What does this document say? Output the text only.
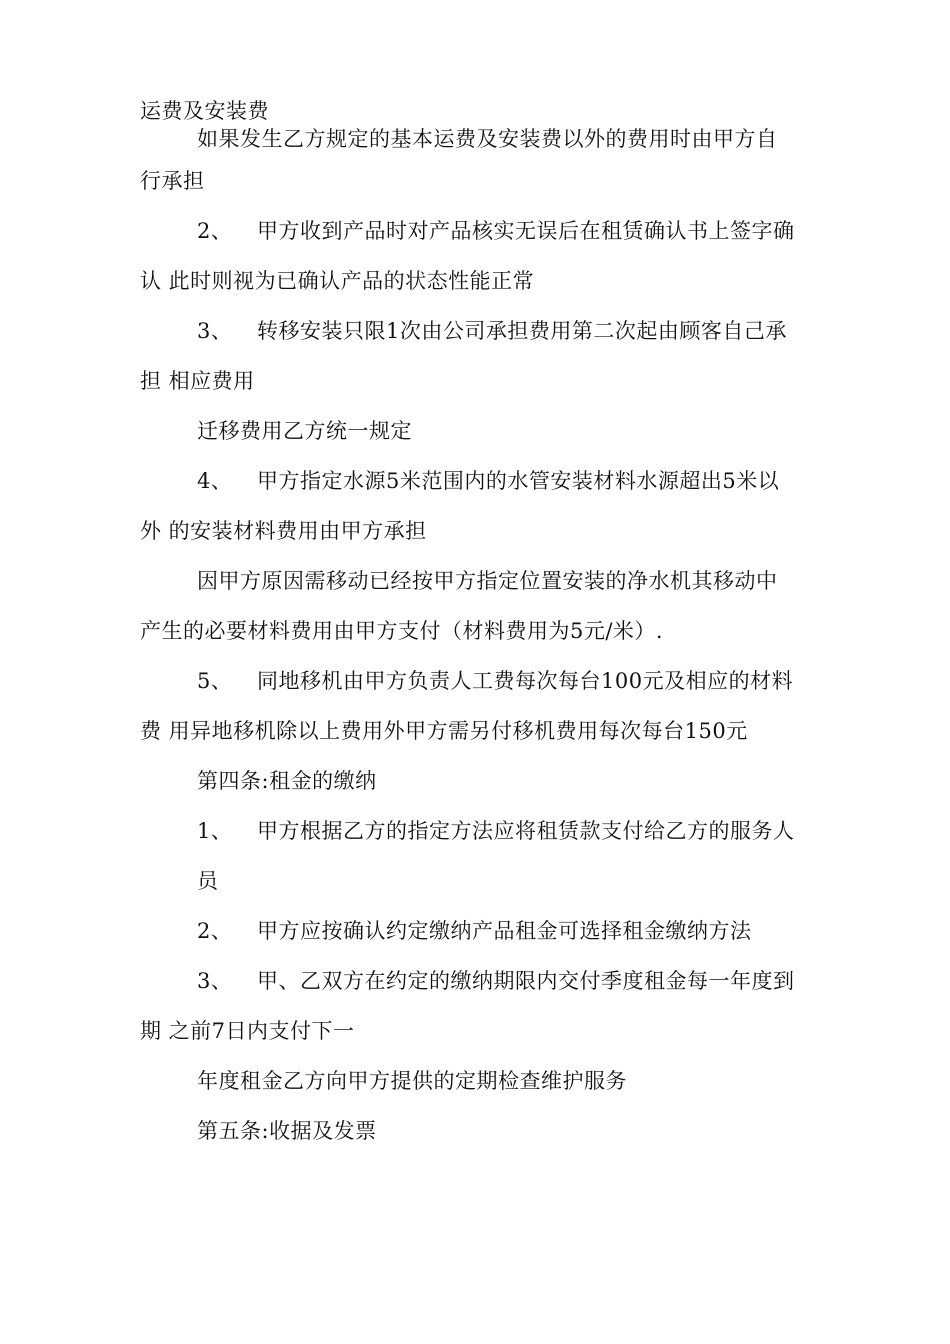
运费及安装费
如果发生乙方规定的基本运费及安装费以外的费用时由甲方自
行承担
2、 甲方收到产品时对产品核实无误后在租赁确认书上签字确
认 此时则视为已确认产品的状态性能正常
3、 转移安装只限1次由公司承担费用第二次起由顾客自己承
担 相应费用
迁移费用乙方统一规定
4、 甲方指定水源5米范围内的水管安装材料水源超出5米以
外 的安装材料费用由甲方承担
因甲方原因需移动已经按甲方指定位置安装的净水机其移动中
产生的必要材料费用由甲方支付（材料费用为5元/米）.
5、 同地移机由甲方负责人工费每次每台100元及相应的材料
费 用异地移机除以上费用外甲方需另付移机费用每次每台150元
第四条:租金的缴纳
1、 甲方根据乙方的指定方法应将租赁款支付给乙方的服务人
员
2、 甲方应按确认约定缴纳产品租金可选择租金缴纳方法
3、 甲、乙双方在约定的缴纳期限内交付季度租金每一年度到
期 之前7日内支付下一
年度租金乙方向甲方提供的定期检查维护服务
第五条:收据及发票
